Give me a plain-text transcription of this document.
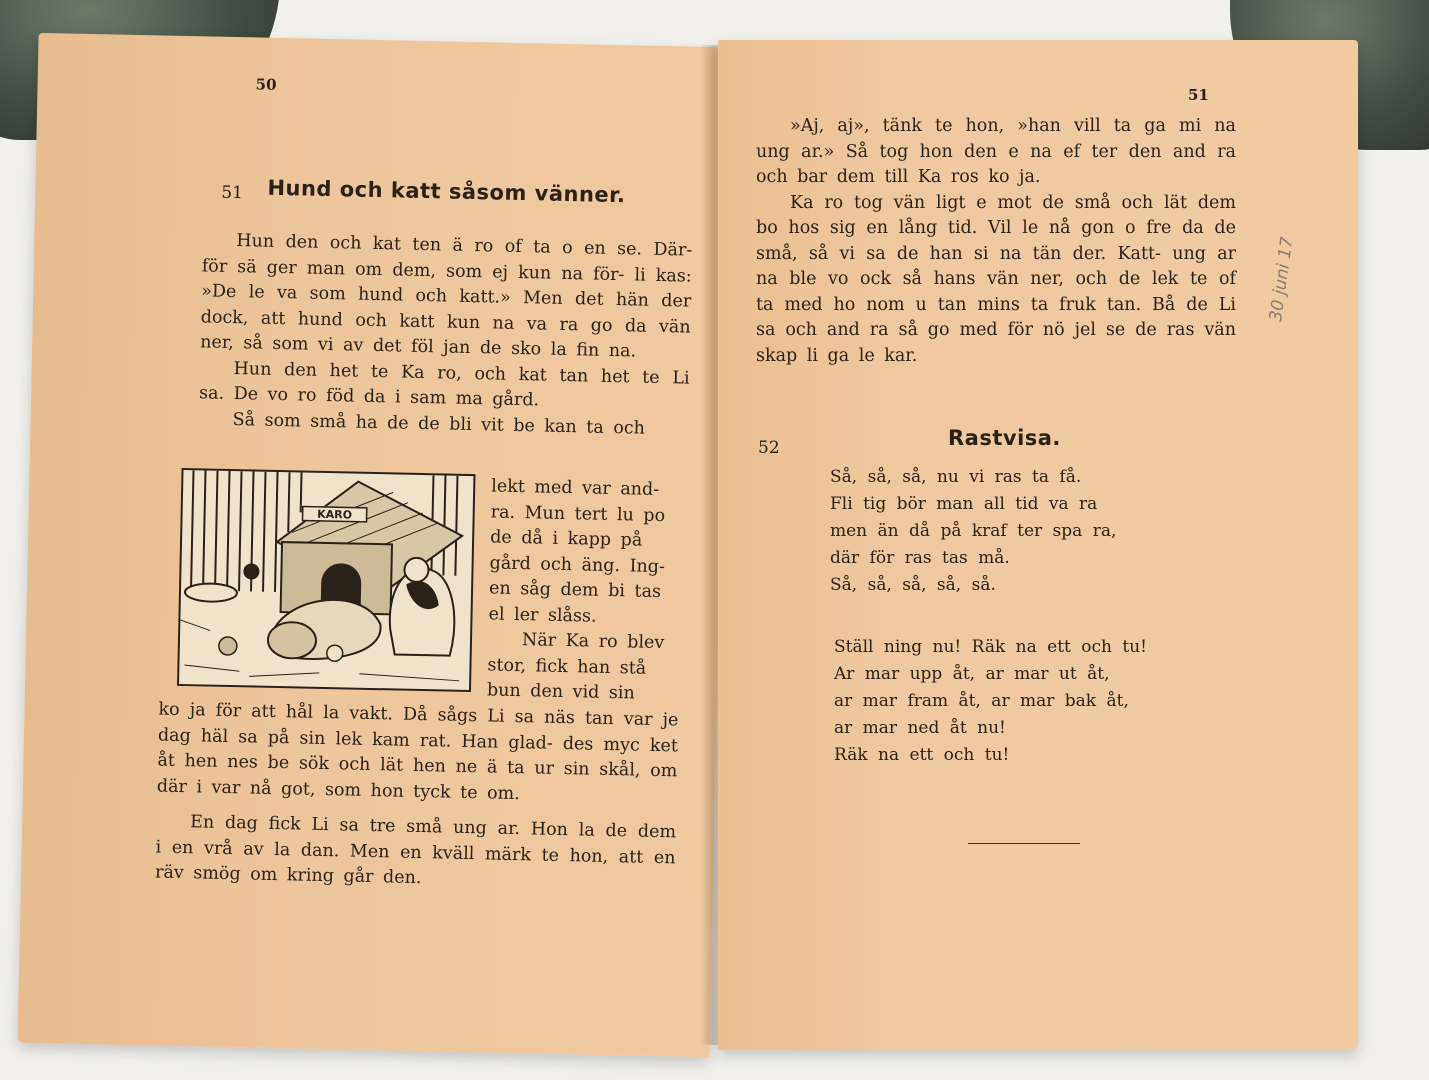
50
51 Hund och katt såsom vänner.

Hun den och kat ten ä ro of ta o en se. Där- för sä ger man om dem, som ej kun na för- li kas: »De le va som hund och katt.» Men det hän der dock, att hund och katt kun na va ra go da vän ner, så som vi av det föl jan de sko la fin na.

Hun den het te Ka ro, och kat tan het te Li sa. De vo ro föd da i sam ma gård.

Så som små ha de de bli vit be kan ta och

KARO

lekt med var and-

ra. Mun tert lu po

de då i kapp på

gård och äng. Ing-

en såg dem bi tas

el ler slåss.

När Ka ro blev

stor, fick han stå

bun den vid sin

ko ja för att hål la vakt. Då sågs Li sa näs tan var je dag häl sa på sin lek kam rat. Han glad- des myc ket åt hen nes be sök och lät hen ne ä ta ur sin skål, om där i var nå got, som hon tyck te om.

En dag fick Li sa tre små ung ar. Hon la de dem i en vrå av la dan. Men en kväll märk te hon, att en räv smög om kring går den.

51

»Aj, aj», tänk te hon, »han vill ta ga mi na ung ar.» Så tog hon den e na ef ter den and ra och bar dem till Ka ros ko ja.

Ka ro tog vän ligt e mot de små och lät dem bo hos sig en lång tid. Vil le nå gon o fre da de små, så vi sa de han si na tän der. Katt- ung ar na ble vo ock så hans vän ner, och de lek te of ta med ho nom u tan mins ta fruk tan. Bå de Li sa och and ra så go med för nö jel se de ras vän skap li ga le kar.

30 juni 17
52	Rastvisa.
Så, så, så, nu vi ras ta få.
Fli tig bör man all tid va ra
men än då på kraf ter spa ra,
där för ras tas må.
Så, så, så, så, så.
Ställ ning nu! Räk na ett och tu!
Ar mar upp åt, ar mar ut åt,
ar mar fram åt, ar mar bak åt,
ar mar ned åt nu!
Räk na ett och tu!
